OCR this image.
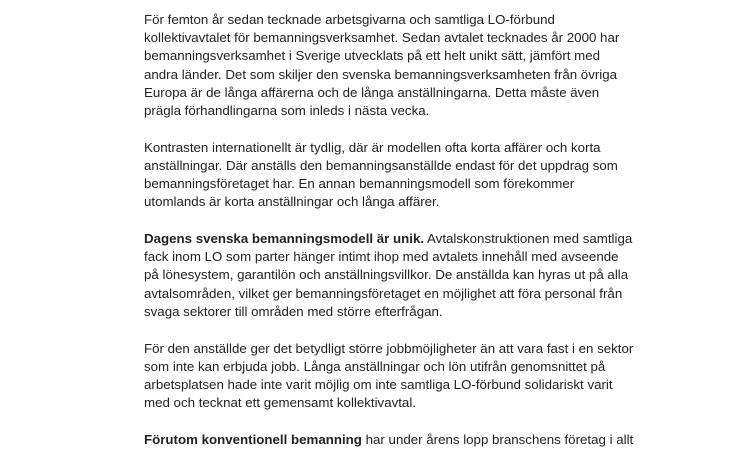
För femton år sedan tecknade arbetsgivarna och samtliga LO-förbund
kollektivavtalet för bemanningsverksamhet. Sedan avtalet tecknades år 2000 har
bemanningsverksamhet i Sverige utvecklats på ett helt unikt sätt, jämfört med
andra länder. Det som skiljer den svenska bemanningsverksamheten från övriga
Europa är de långa affärerna och de långa anställningarna. Detta måste även
prägla förhandlingarna som inleds i nästa vecka.

Kontrasten internationellt är tydlig, där är modellen ofta korta affärer och korta
anställningar. Där anställs den bemanningsanställde endast för det uppdrag som
bemanningsföretaget har. En annan bemanningsmodell som förekommer
utomlands är korta anställningar och långa affärer.

Dagens svenska bemanningsmodell är unik. Avtalskonstruktionen med samtliga
fack inom LO som parter hänger intimt ihop med avtalets innehåll med avseende
på lönesystem, garantilön och anställningsvillkor. De anställda kan hyras ut på alla
avtalsområden, vilket ger bemanningsföretaget en möjlighet att föra personal från
svaga sektorer till områden med större efterfrågan.

För den anställde ger det betydligt större jobbmöjligheter än att vara fast i en sektor
som inte kan erbjuda jobb. Långa anställningar och lön utifrån genomsnittet på
arbetsplatsen hade inte varit möjlig om inte samtliga LO-förbund solidariskt varit
med och tecknat ett gemensamt kollektivavtal.

Förutom konventionell bemanning har under årens lopp branschens företag i allt
